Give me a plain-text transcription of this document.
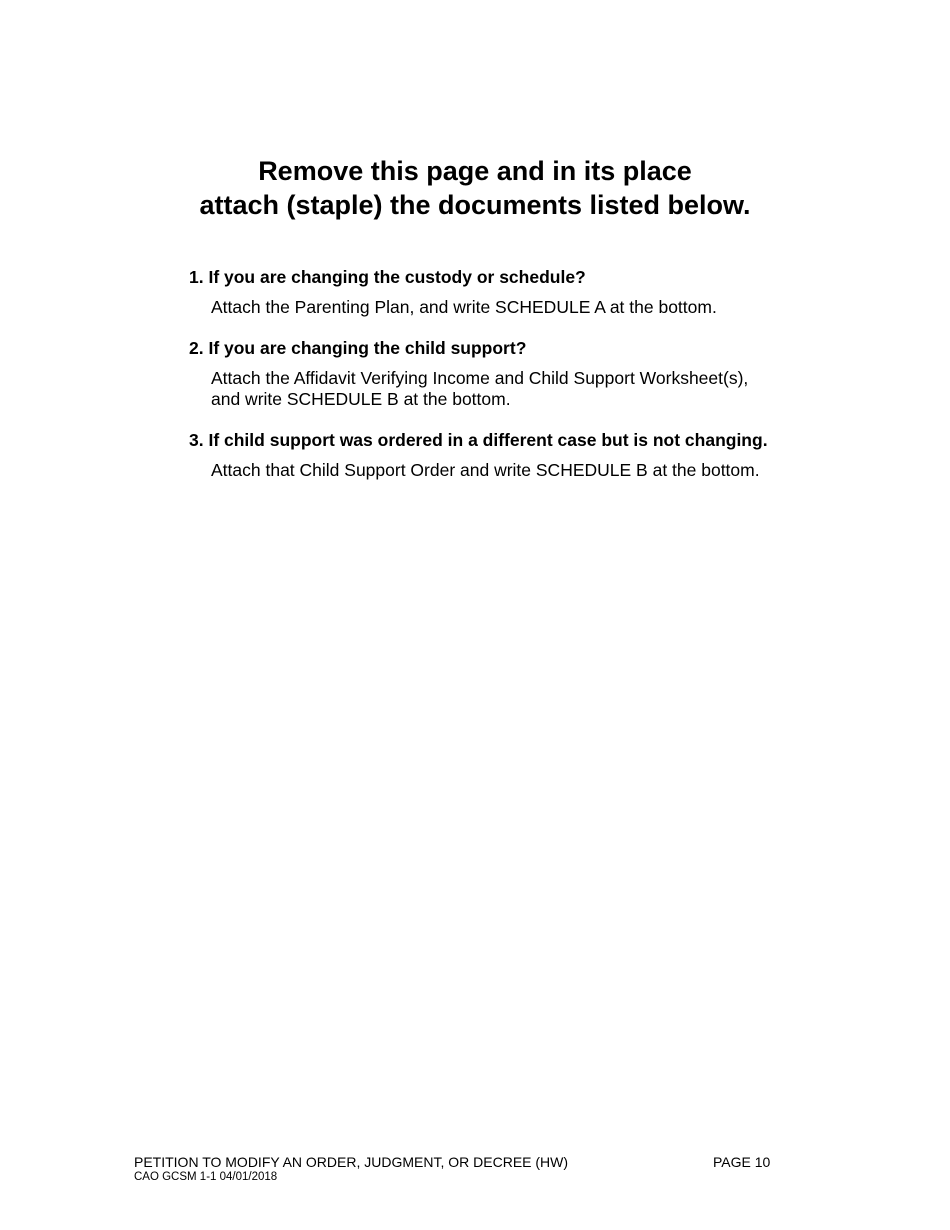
Remove this page and in its place
attach (staple) the documents listed below.
1. If you are changing the custody or schedule?
Attach the Parenting Plan, and write SCHEDULE A at the bottom.
2. If you are changing the child support?
Attach the Affidavit Verifying Income and Child Support Worksheet(s),
and write SCHEDULE B at the bottom.
3. If child support was ordered in a different case but is not changing.
Attach that Child Support Order and write SCHEDULE B at the bottom.
PETITION TO MODIFY AN ORDER, JUDGMENT, OR DECREE (HW)
CAO GCSM 1-1 04/01/2018
PAGE 10
